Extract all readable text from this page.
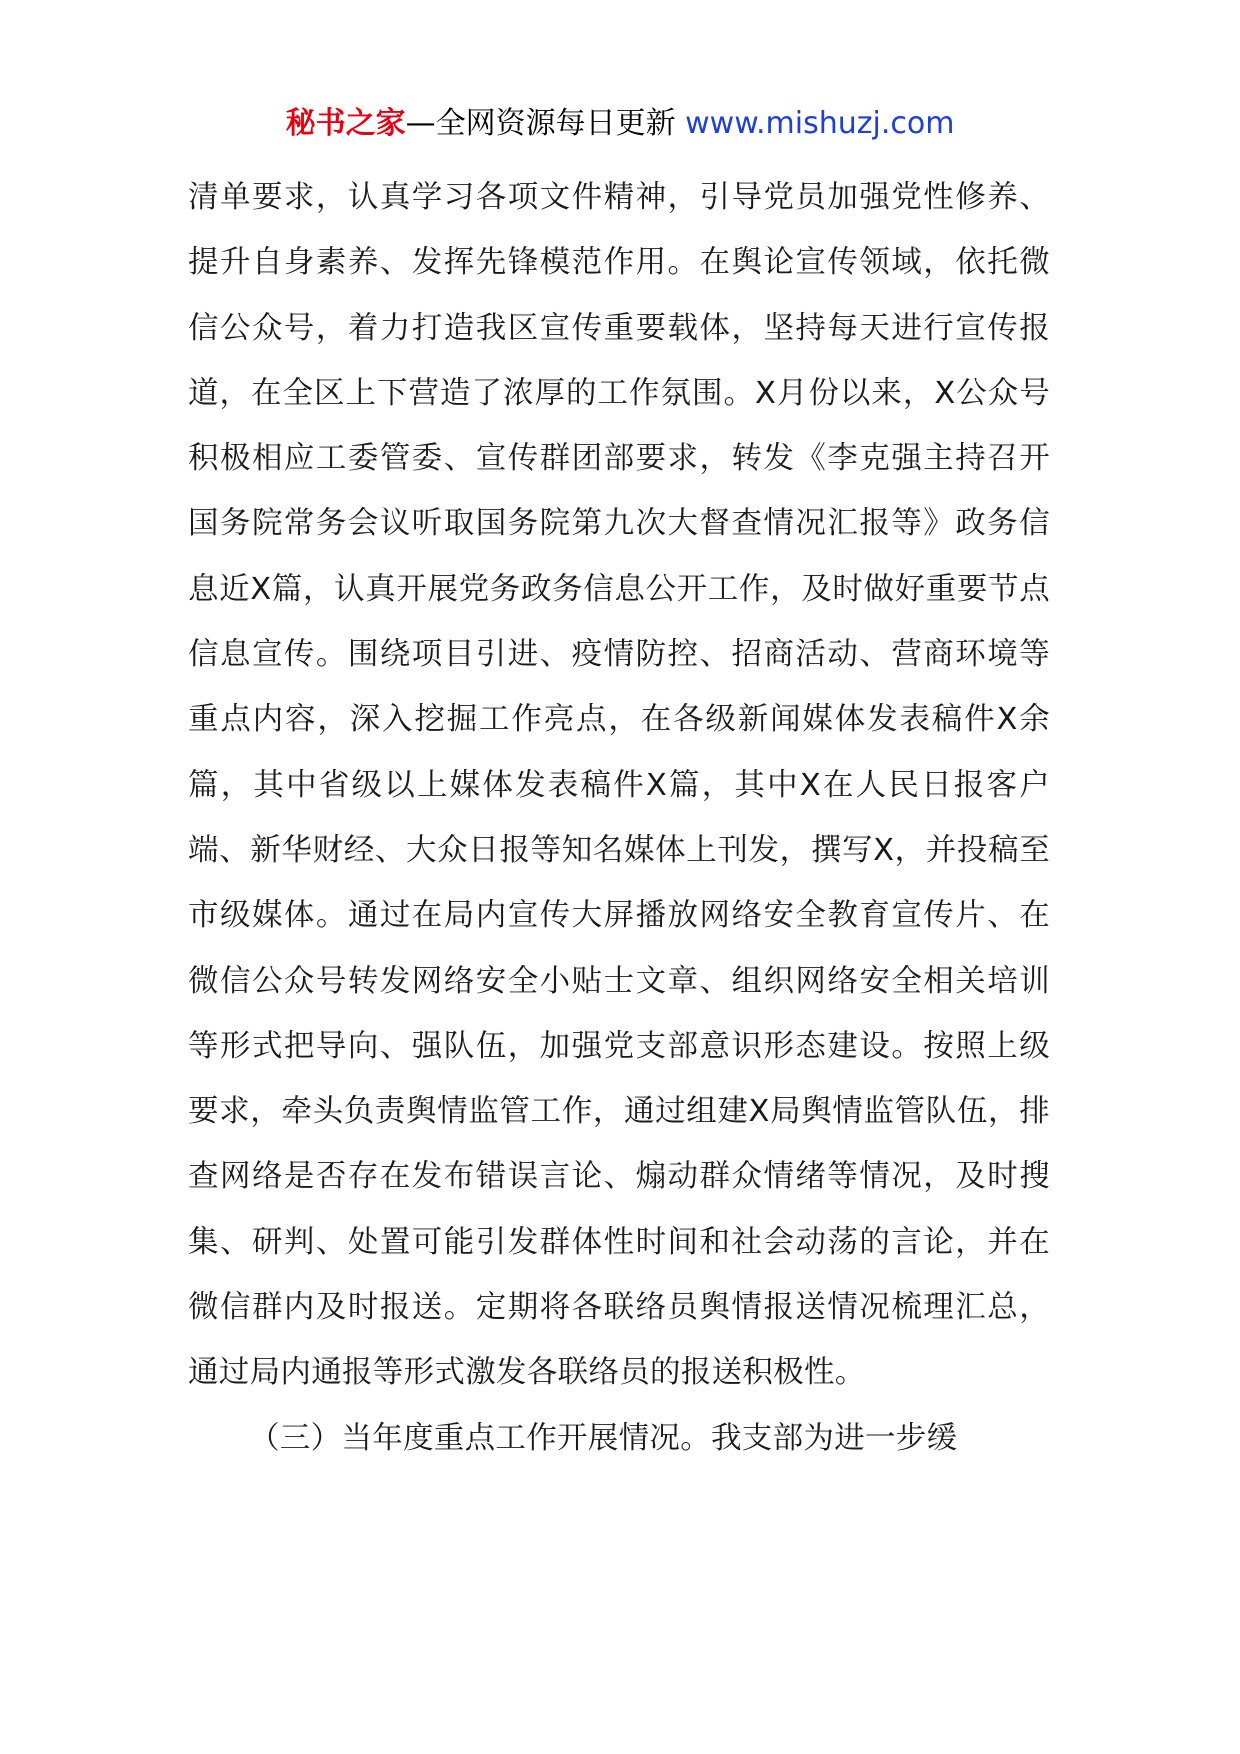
秘书之家—全网资源每日更新 www.mishuzj.com

清单要求，认真学习各项文件精神，引导党员加强党性修养、提升自身素养、发挥先锋模范作用。在舆论宣传领域，依托微信公众号，着力打造我区宣传重要载体，坚持每天进行宣传报道，在全区上下营造了浓厚的工作氛围。X月份以来，X公众号积极相应工委管委、宣传群团部要求，转发《李克强主持召开国务院常务会议听取国务院第九次大督查情况汇报等》政务信息近X篇，认真开展党务政务信息公开工作，及时做好重要节点信息宣传。围绕项目引进、疫情防控、招商活动、营商环境等重点内容，深入挖掘工作亮点，在各级新闻媒体发表稿件X余篇，其中省级以上媒体发表稿件X篇，其中X在人民日报客户端、新华财经、大众日报等知名媒体上刊发，撰写X，并投稿至市级媒体。通过在局内宣传大屏播放网络安全教育宣传片、在微信公众号转发网络安全小贴士文章、组织网络安全相关培训等形式把导向、强队伍，加强党支部意识形态建设。按照上级要求，牵头负责舆情监管工作，通过组建X局舆情监管队伍，排查网络是否存在发布错误言论、煽动群众情绪等情况，及时搜集、研判、处置可能引发群体性时间和社会动荡的言论，并在微信群内及时报送。定期将各联络员舆情报送情况梳理汇总，通过局内通报等形式激发各联络员的报送积极性。

（三）当年度重点工作开展情况。我支部为进一步缓
